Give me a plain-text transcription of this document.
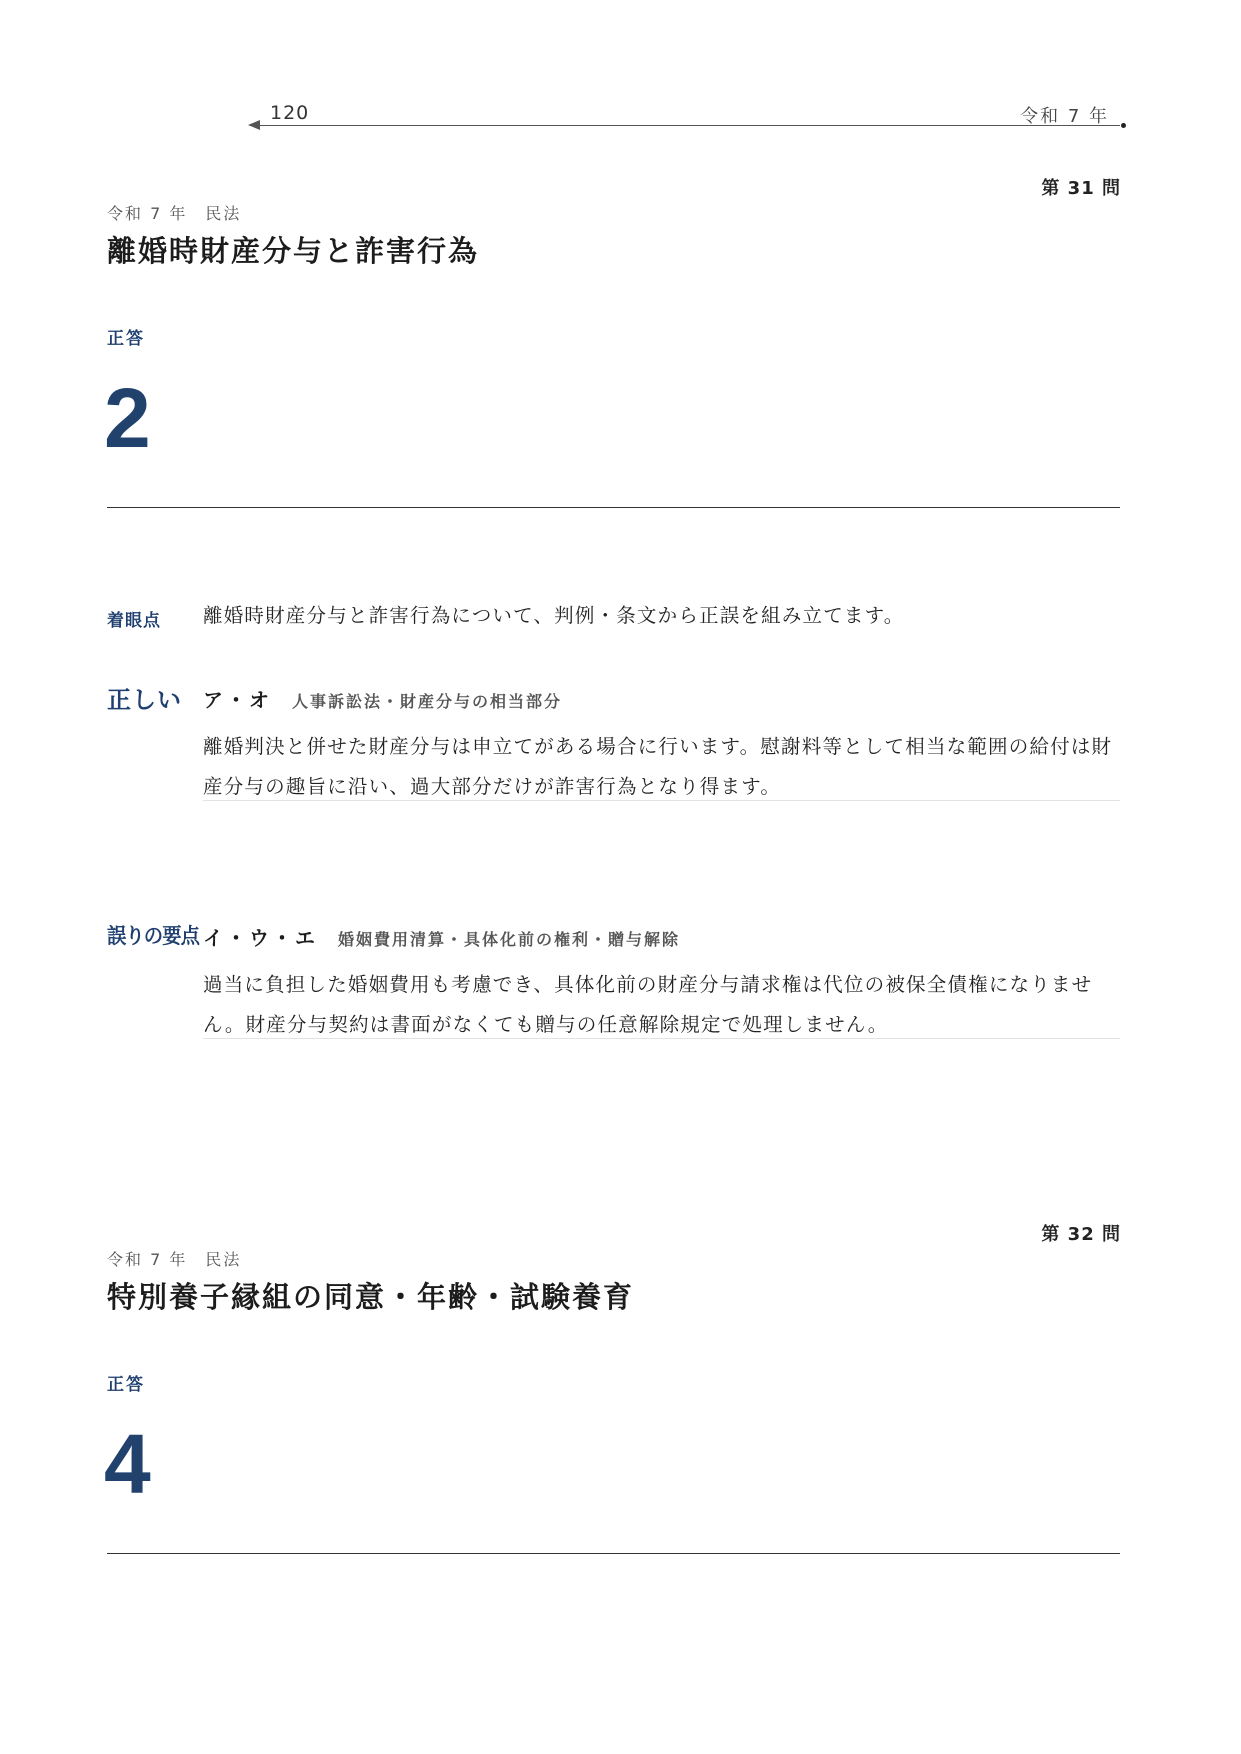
120	令和 7 年
第 31 問
令和 7 年　民法
離婚時財産分与と詐害行為
正答
2
着眼点 離婚時財産分与と詐害行為について、判例・条文から正誤を組み立てます。
正しい ア・オ 人事訴訟法・財産分与の相当部分
離婚判決と併せた財産分与は申立てがある場合に行います。慰謝料等として相当な範囲の給付は財産分与の趣旨に沿い、過大部分だけが詐害行為となり得ます。
誤りの要点 イ・ウ・エ 婚姻費用清算・具体化前の権利・贈与解除
過当に負担した婚姻費用も考慮でき、具体化前の財産分与請求権は代位の被保全債権になりません。財産分与契約は書面がなくても贈与の任意解除規定で処理しません。
第 32 問
令和 7 年　民法
特別養子縁組の同意・年齢・試験養育
正答
4
